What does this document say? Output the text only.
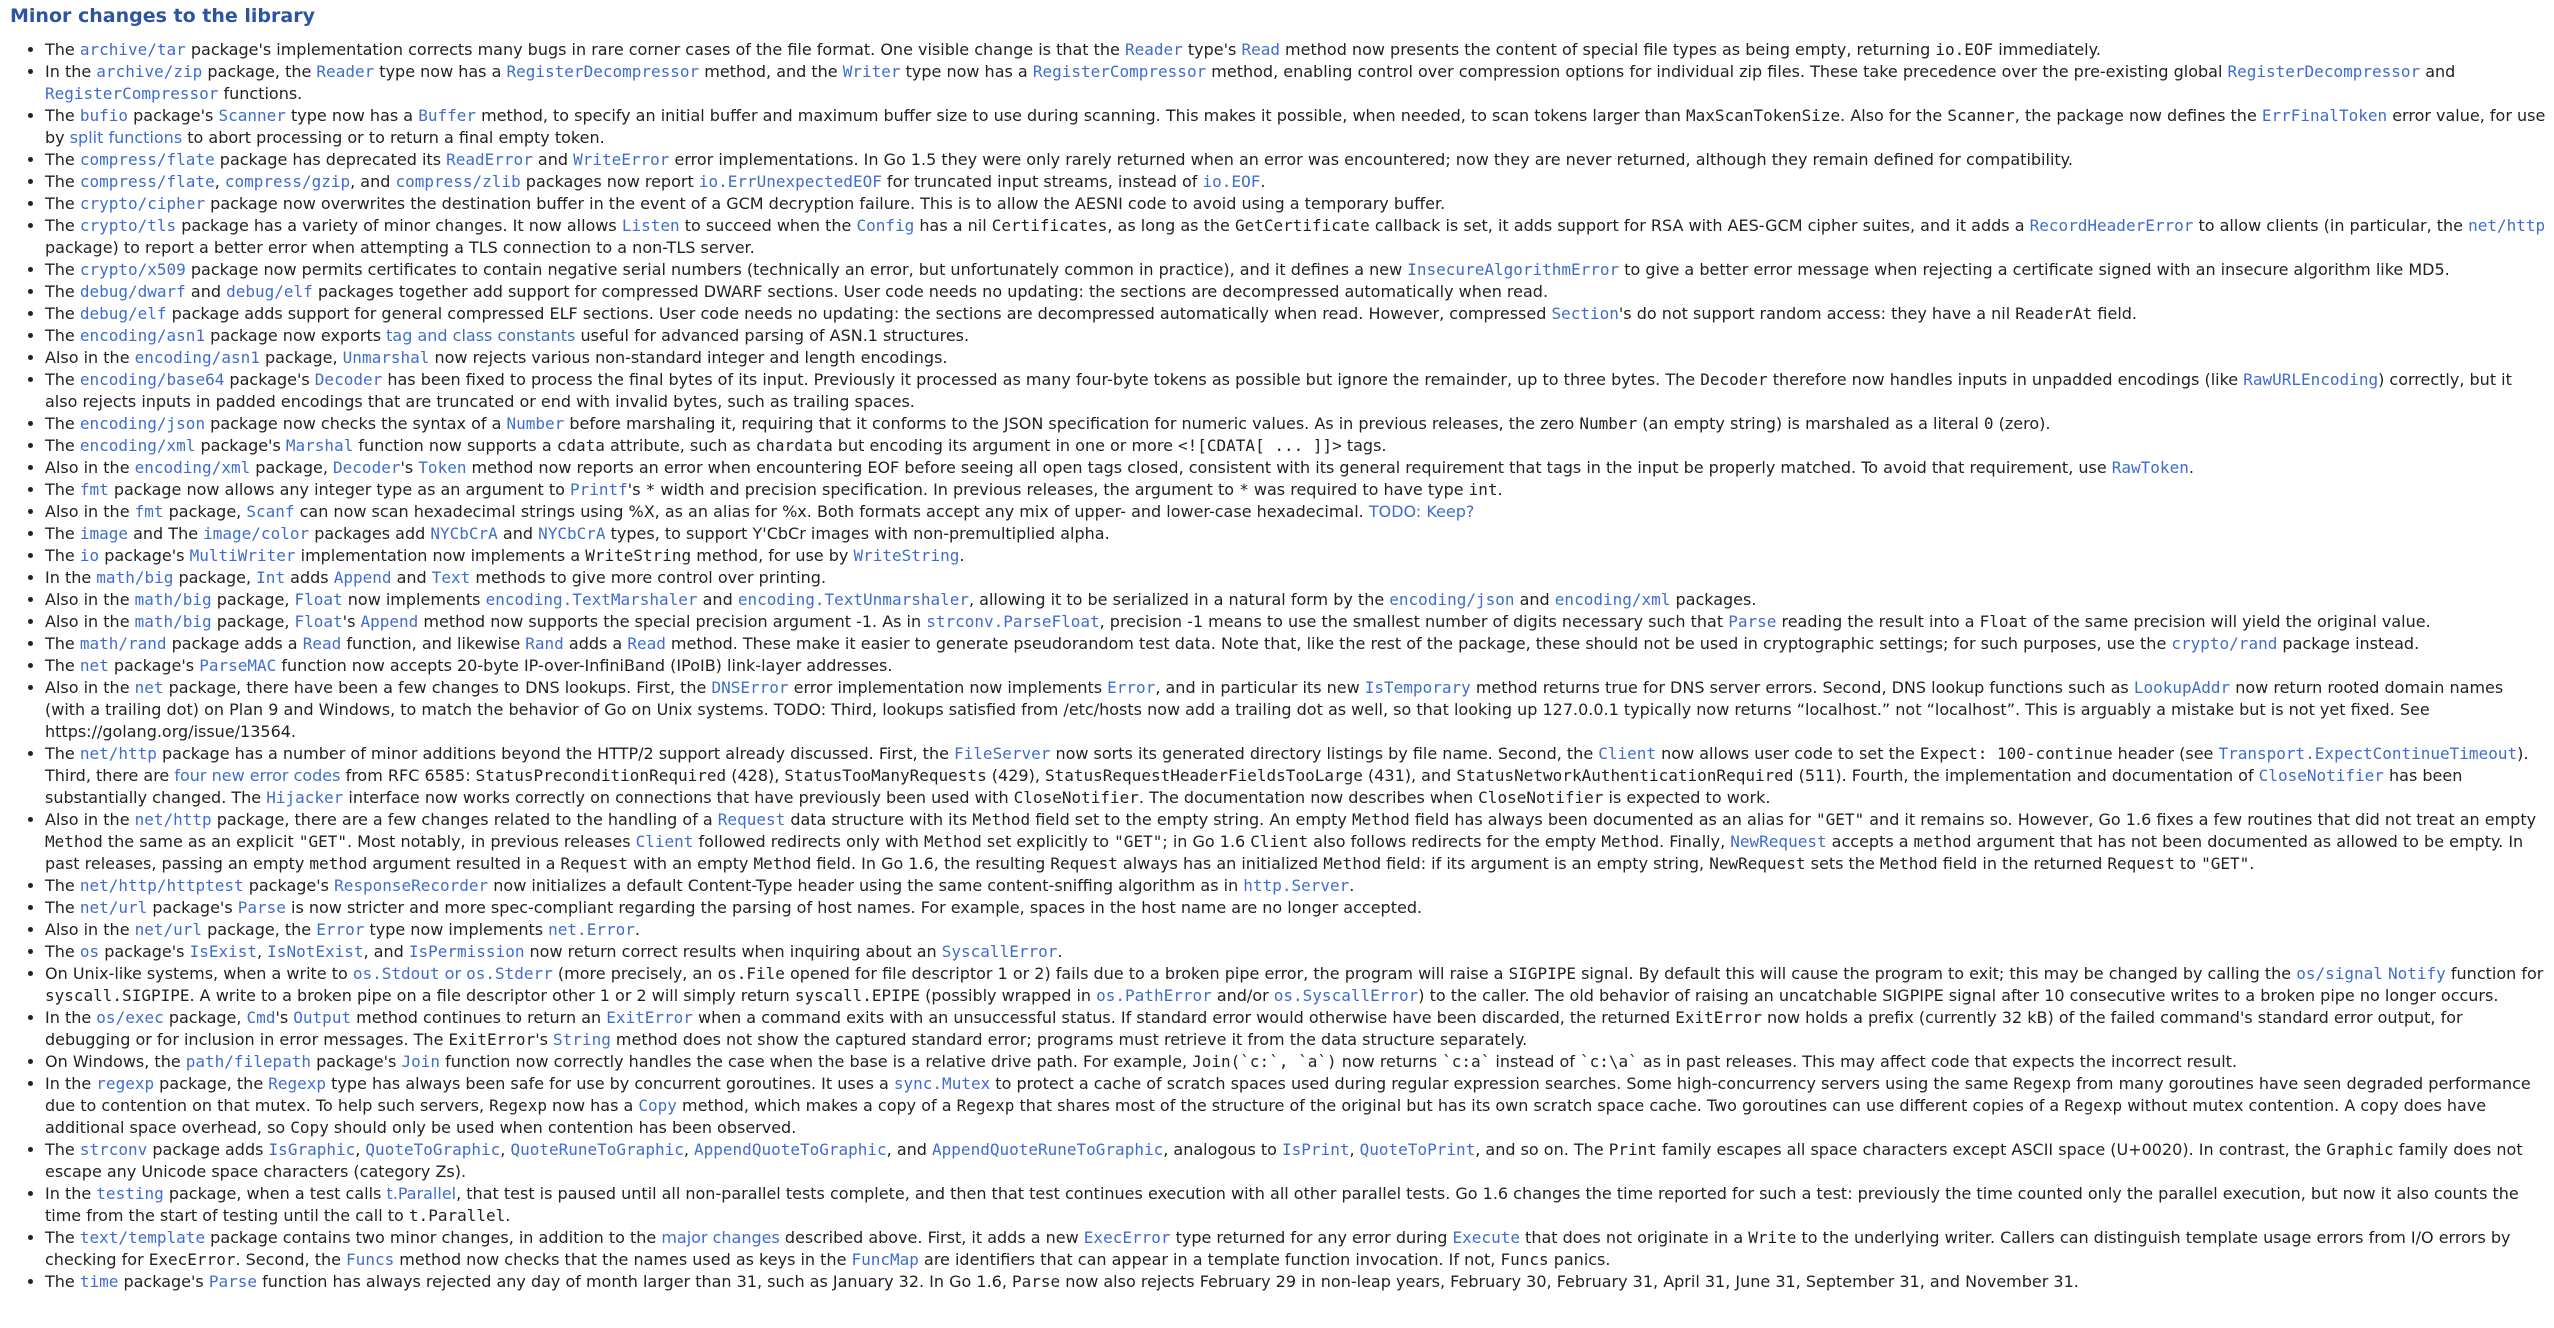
Minor changes to the library
• The archive/tar package's implementation corrects many bugs in rare corner cases of the file format. One visible change is that the Reader type's Read method now presents the content of special file types as being empty, returning io.EOF immediately.
• In the archive/zip package, the Reader type now has a RegisterDecompressor method, and the Writer type now has a RegisterCompressor method, enabling control over compression options for individual zip files. These take precedence over the pre-existing global RegisterDecompressor and RegisterCompressor functions.
• The bufio package's Scanner type now has a Buffer method, to specify an initial buffer and maximum buffer size to use during scanning. This makes it possible, when needed, to scan tokens larger than MaxScanTokenSize. Also for the Scanner, the package now defines the ErrFinalToken error value, for use by split functions to abort processing or to return a final empty token.
• The compress/flate package has deprecated its ReadError and WriteError error implementations. In Go 1.5 they were only rarely returned when an error was encountered; now they are never returned, although they remain defined for compatibility.
• The compress/flate, compress/gzip, and compress/zlib packages now report io.ErrUnexpectedEOF for truncated input streams, instead of io.EOF.
• The crypto/cipher package now overwrites the destination buffer in the event of a GCM decryption failure. This is to allow the AESNI code to avoid using a temporary buffer.
• The crypto/tls package has a variety of minor changes. It now allows Listen to succeed when the Config has a nil Certificates, as long as the GetCertificate callback is set, it adds support for RSA with AES-GCM cipher suites, and it adds a RecordHeaderError to allow clients (in particular, the net/http package) to report a better error when attempting a TLS connection to a non-TLS server.
• The crypto/x509 package now permits certificates to contain negative serial numbers (technically an error, but unfortunately common in practice), and it defines a new InsecureAlgorithmError to give a better error message when rejecting a certificate signed with an insecure algorithm like MD5.
• The debug/dwarf and debug/elf packages together add support for compressed DWARF sections. User code needs no updating: the sections are decompressed automatically when read.
• The debug/elf package adds support for general compressed ELF sections. User code needs no updating: the sections are decompressed automatically when read. However, compressed Section's do not support random access: they have a nil ReaderAt field.
• The encoding/asn1 package now exports tag and class constants useful for advanced parsing of ASN.1 structures.
• Also in the encoding/asn1 package, Unmarshal now rejects various non-standard integer and length encodings.
• The encoding/base64 package's Decoder has been fixed to process the final bytes of its input. Previously it processed as many four-byte tokens as possible but ignore the remainder, up to three bytes. The Decoder therefore now handles inputs in unpadded encodings (like RawURLEncoding) correctly, but it also rejects inputs in padded encodings that are truncated or end with invalid bytes, such as trailing spaces.
• The encoding/json package now checks the syntax of a Number before marshaling it, requiring that it conforms to the JSON specification for numeric values. As in previous releases, the zero Number (an empty string) is marshaled as a literal 0 (zero).
• The encoding/xml package's Marshal function now supports a cdata attribute, such as chardata but encoding its argument in one or more <![CDATA[ ... ]]> tags.
• Also in the encoding/xml package, Decoder's Token method now reports an error when encountering EOF before seeing all open tags closed, consistent with its general requirement that tags in the input be properly matched. To avoid that requirement, use RawToken.
• The fmt package now allows any integer type as an argument to Printf's * width and precision specification. In previous releases, the argument to * was required to have type int.
• Also in the fmt package, Scanf can now scan hexadecimal strings using %X, as an alias for %x. Both formats accept any mix of upper- and lower-case hexadecimal. TODO: Keep?
• The image and The image/color packages add NYCbCrA and NYCbCrA types, to support Y'CbCr images with non-premultiplied alpha.
• The io package's MultiWriter implementation now implements a WriteString method, for use by WriteString.
• In the math/big package, Int adds Append and Text methods to give more control over printing.
• Also in the math/big package, Float now implements encoding.TextMarshaler and encoding.TextUnmarshaler, allowing it to be serialized in a natural form by the encoding/json and encoding/xml packages.
• Also in the math/big package, Float's Append method now supports the special precision argument -1. As in strconv.ParseFloat, precision -1 means to use the smallest number of digits necessary such that Parse reading the result into a Float of the same precision will yield the original value.
• The math/rand package adds a Read function, and likewise Rand adds a Read method. These make it easier to generate pseudorandom test data. Note that, like the rest of the package, these should not be used in cryptographic settings; for such purposes, use the crypto/rand package instead.
• The net package's ParseMAC function now accepts 20-byte IP-over-InfiniBand (IPoIB) link-layer addresses.
• Also in the net package, there have been a few changes to DNS lookups. First, the DNSError error implementation now implements Error, and in particular its new IsTemporary method returns true for DNS server errors. Second, DNS lookup functions such as LookupAddr now return rooted domain names (with a trailing dot) on Plan 9 and Windows, to match the behavior of Go on Unix systems. TODO: Third, lookups satisfied from /etc/hosts now add a trailing dot as well, so that looking up 127.0.0.1 typically now returns “localhost.” not “localhost”. This is arguably a mistake but is not yet fixed. See https://golang.org/issue/13564.
• The net/http package has a number of minor additions beyond the HTTP/2 support already discussed. First, the FileServer now sorts its generated directory listings by file name. Second, the Client now allows user code to set the Expect: 100-continue header (see Transport.ExpectContinueTimeout). Third, there are four new error codes from RFC 6585: StatusPreconditionRequired (428), StatusTooManyRequests (429), StatusRequestHeaderFieldsTooLarge (431), and StatusNetworkAuthenticationRequired (511). Fourth, the implementation and documentation of CloseNotifier has been substantially changed. The Hijacker interface now works correctly on connections that have previously been used with CloseNotifier. The documentation now describes when CloseNotifier is expected to work.
• Also in the net/http package, there are a few changes related to the handling of a Request data structure with its Method field set to the empty string. An empty Method field has always been documented as an alias for "GET" and it remains so. However, Go 1.6 fixes a few routines that did not treat an empty Method the same as an explicit "GET". Most notably, in previous releases Client followed redirects only with Method set explicitly to "GET"; in Go 1.6 Client also follows redirects for the empty Method. Finally, NewRequest accepts a method argument that has not been documented as allowed to be empty. In past releases, passing an empty method argument resulted in a Request with an empty Method field. In Go 1.6, the resulting Request always has an initialized Method field: if its argument is an empty string, NewRequest sets the Method field in the returned Request to "GET".
• The net/http/httptest package's ResponseRecorder now initializes a default Content-Type header using the same content-sniffing algorithm as in http.Server.
• The net/url package's Parse is now stricter and more spec-compliant regarding the parsing of host names. For example, spaces in the host name are no longer accepted.
• Also in the net/url package, the Error type now implements net.Error.
• The os package's IsExist, IsNotExist, and IsPermission now return correct results when inquiring about an SyscallError.
• On Unix-like systems, when a write to os.Stdout or os.Stderr (more precisely, an os.File opened for file descriptor 1 or 2) fails due to a broken pipe error, the program will raise a SIGPIPE signal. By default this will cause the program to exit; this may be changed by calling the os/signal Notify function for syscall.SIGPIPE. A write to a broken pipe on a file descriptor other 1 or 2 will simply return syscall.EPIPE (possibly wrapped in os.PathError and/or os.SyscallError) to the caller. The old behavior of raising an uncatchable SIGPIPE signal after 10 consecutive writes to a broken pipe no longer occurs.
• In the os/exec package, Cmd's Output method continues to return an ExitError when a command exits with an unsuccessful status. If standard error would otherwise have been discarded, the returned ExitError now holds a prefix (currently 32 kB) of the failed command's standard error output, for debugging or for inclusion in error messages. The ExitError's String method does not show the captured standard error; programs must retrieve it from the data structure separately.
• On Windows, the path/filepath package's Join function now correctly handles the case when the base is a relative drive path. For example, Join(`c:`, `a`) now returns `c:a` instead of `c:\a` as in past releases. This may affect code that expects the incorrect result.
• In the regexp package, the Regexp type has always been safe for use by concurrent goroutines. It uses a sync.Mutex to protect a cache of scratch spaces used during regular expression searches. Some high-concurrency servers using the same Regexp from many goroutines have seen degraded performance due to contention on that mutex. To help such servers, Regexp now has a Copy method, which makes a copy of a Regexp that shares most of the structure of the original but has its own scratch space cache. Two goroutines can use different copies of a Regexp without mutex contention. A copy does have additional space overhead, so Copy should only be used when contention has been observed.
• The strconv package adds IsGraphic, QuoteToGraphic, QuoteRuneToGraphic, AppendQuoteToGraphic, and AppendQuoteRuneToGraphic, analogous to IsPrint, QuoteToPrint, and so on. The Print family escapes all space characters except ASCII space (U+0020). In contrast, the Graphic family does not escape any Unicode space characters (category Zs).
• In the testing package, when a test calls t.Parallel, that test is paused until all non-parallel tests complete, and then that test continues execution with all other parallel tests. Go 1.6 changes the time reported for such a test: previously the time counted only the parallel execution, but now it also counts the time from the start of testing until the call to t.Parallel.
• The text/template package contains two minor changes, in addition to the major changes described above. First, it adds a new ExecError type returned for any error during Execute that does not originate in a Write to the underlying writer. Callers can distinguish template usage errors from I/O errors by checking for ExecError. Second, the Funcs method now checks that the names used as keys in the FuncMap are identifiers that can appear in a template function invocation. If not, Funcs panics.
• The time package's Parse function has always rejected any day of month larger than 31, such as January 32. In Go 1.6, Parse now also rejects February 29 in non-leap years, February 30, February 31, April 31, June 31, September 31, and November 31.
